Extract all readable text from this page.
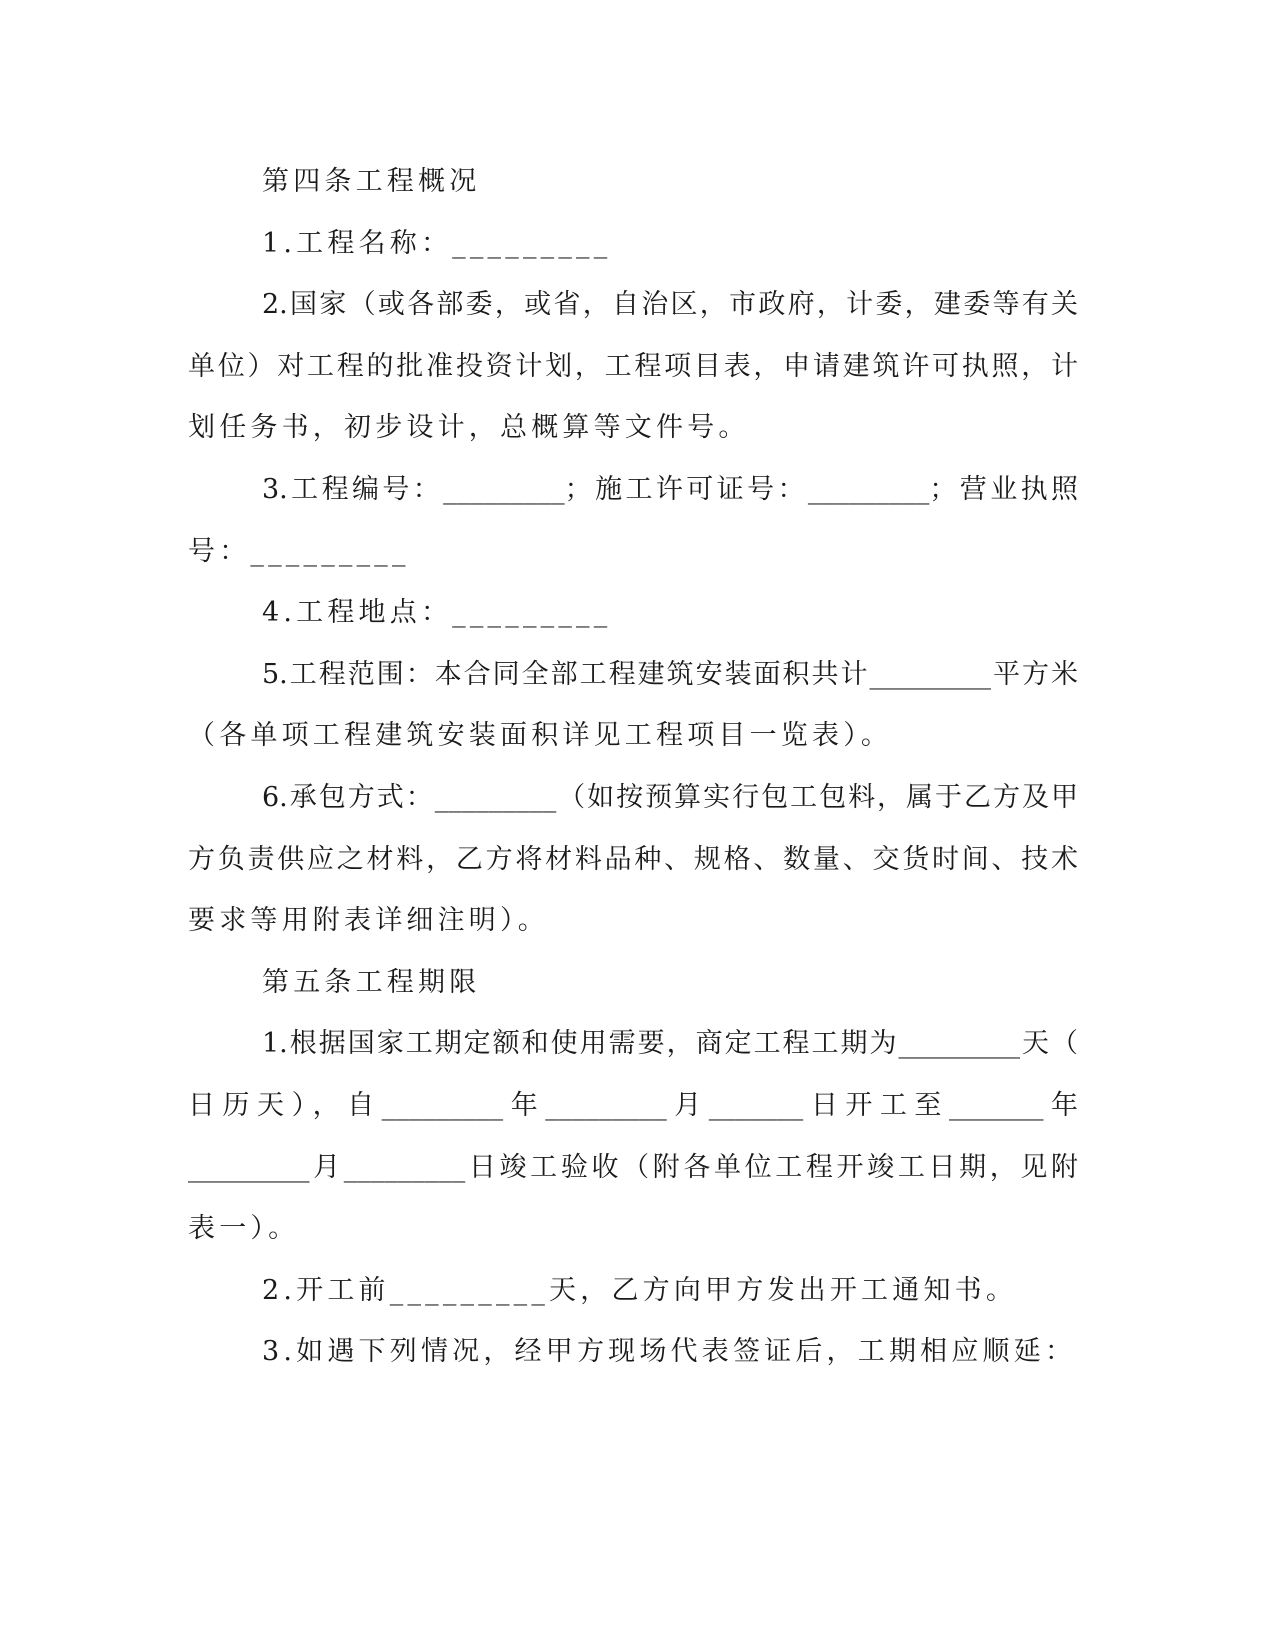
第四条工程概况
1.工程名称：_________
2.国家（或各部委，或省，自治区，市政府，计委，建委等有关
单位）对工程的批准投资计划，工程项目表，申请建筑许可执照，计
划任务书，初步设计，总概算等文件号。
3.工程编号：_________；施工许可证号：_________；营业执照
号：_________
4.工程地点：_________
5.工程范围：本合同全部工程建筑安装面积共计_________平方米
（各单项工程建筑安装面积详见工程项目一览表）。
6.承包方式：_________（如按预算实行包工包料，属于乙方及甲
方负责供应之材料，乙方将材料品种、规格、数量、交货时间、技术
要求等用附表详细注明）。
第五条工程期限
1.根据国家工期定额和使用需要，商定工程工期为_________天（
日历天），自_________年_________月_______日开工至_______年
_________月_________日竣工验收（附各单位工程开竣工日期，见附
表一）。
2.开工前_________天，乙方向甲方发出开工通知书。
3.如遇下列情况，经甲方现场代表签证后，工期相应顺延：
